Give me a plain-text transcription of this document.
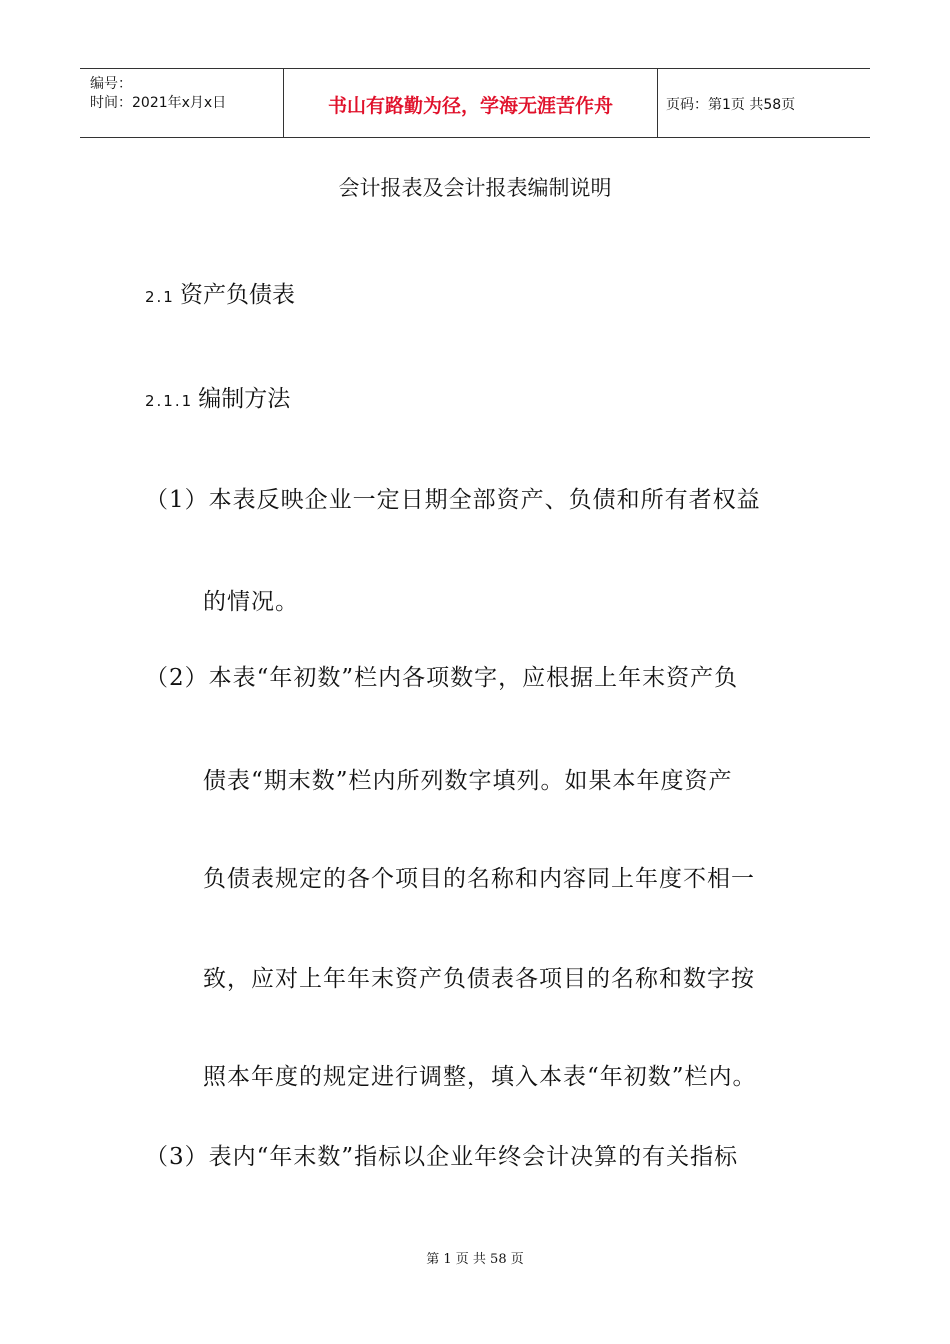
编号：
时间：2021年x月x日	书山有路勤为径，学海无涯苦作舟	页码：第1页 共58页
会计报表及会计报表编制说明
2.1 资产负债表
2.1.1 编制方法
（1）本表反映企业一定日期全部资产、负债和所有者权益
的情况。
（2）本表“年初数”栏内各项数字，应根据上年末资产负
债表“期末数”栏内所列数字填列。如果本年度资产
负债表规定的各个项目的名称和内容同上年度不相一
致，应对上年年末资产负债表各项目的名称和数字按
照本年度的规定进行调整，填入本表“年初数”栏内。
（3）表内“年末数”指标以企业年终会计决算的有关指标
第 1 页 共 58 页
